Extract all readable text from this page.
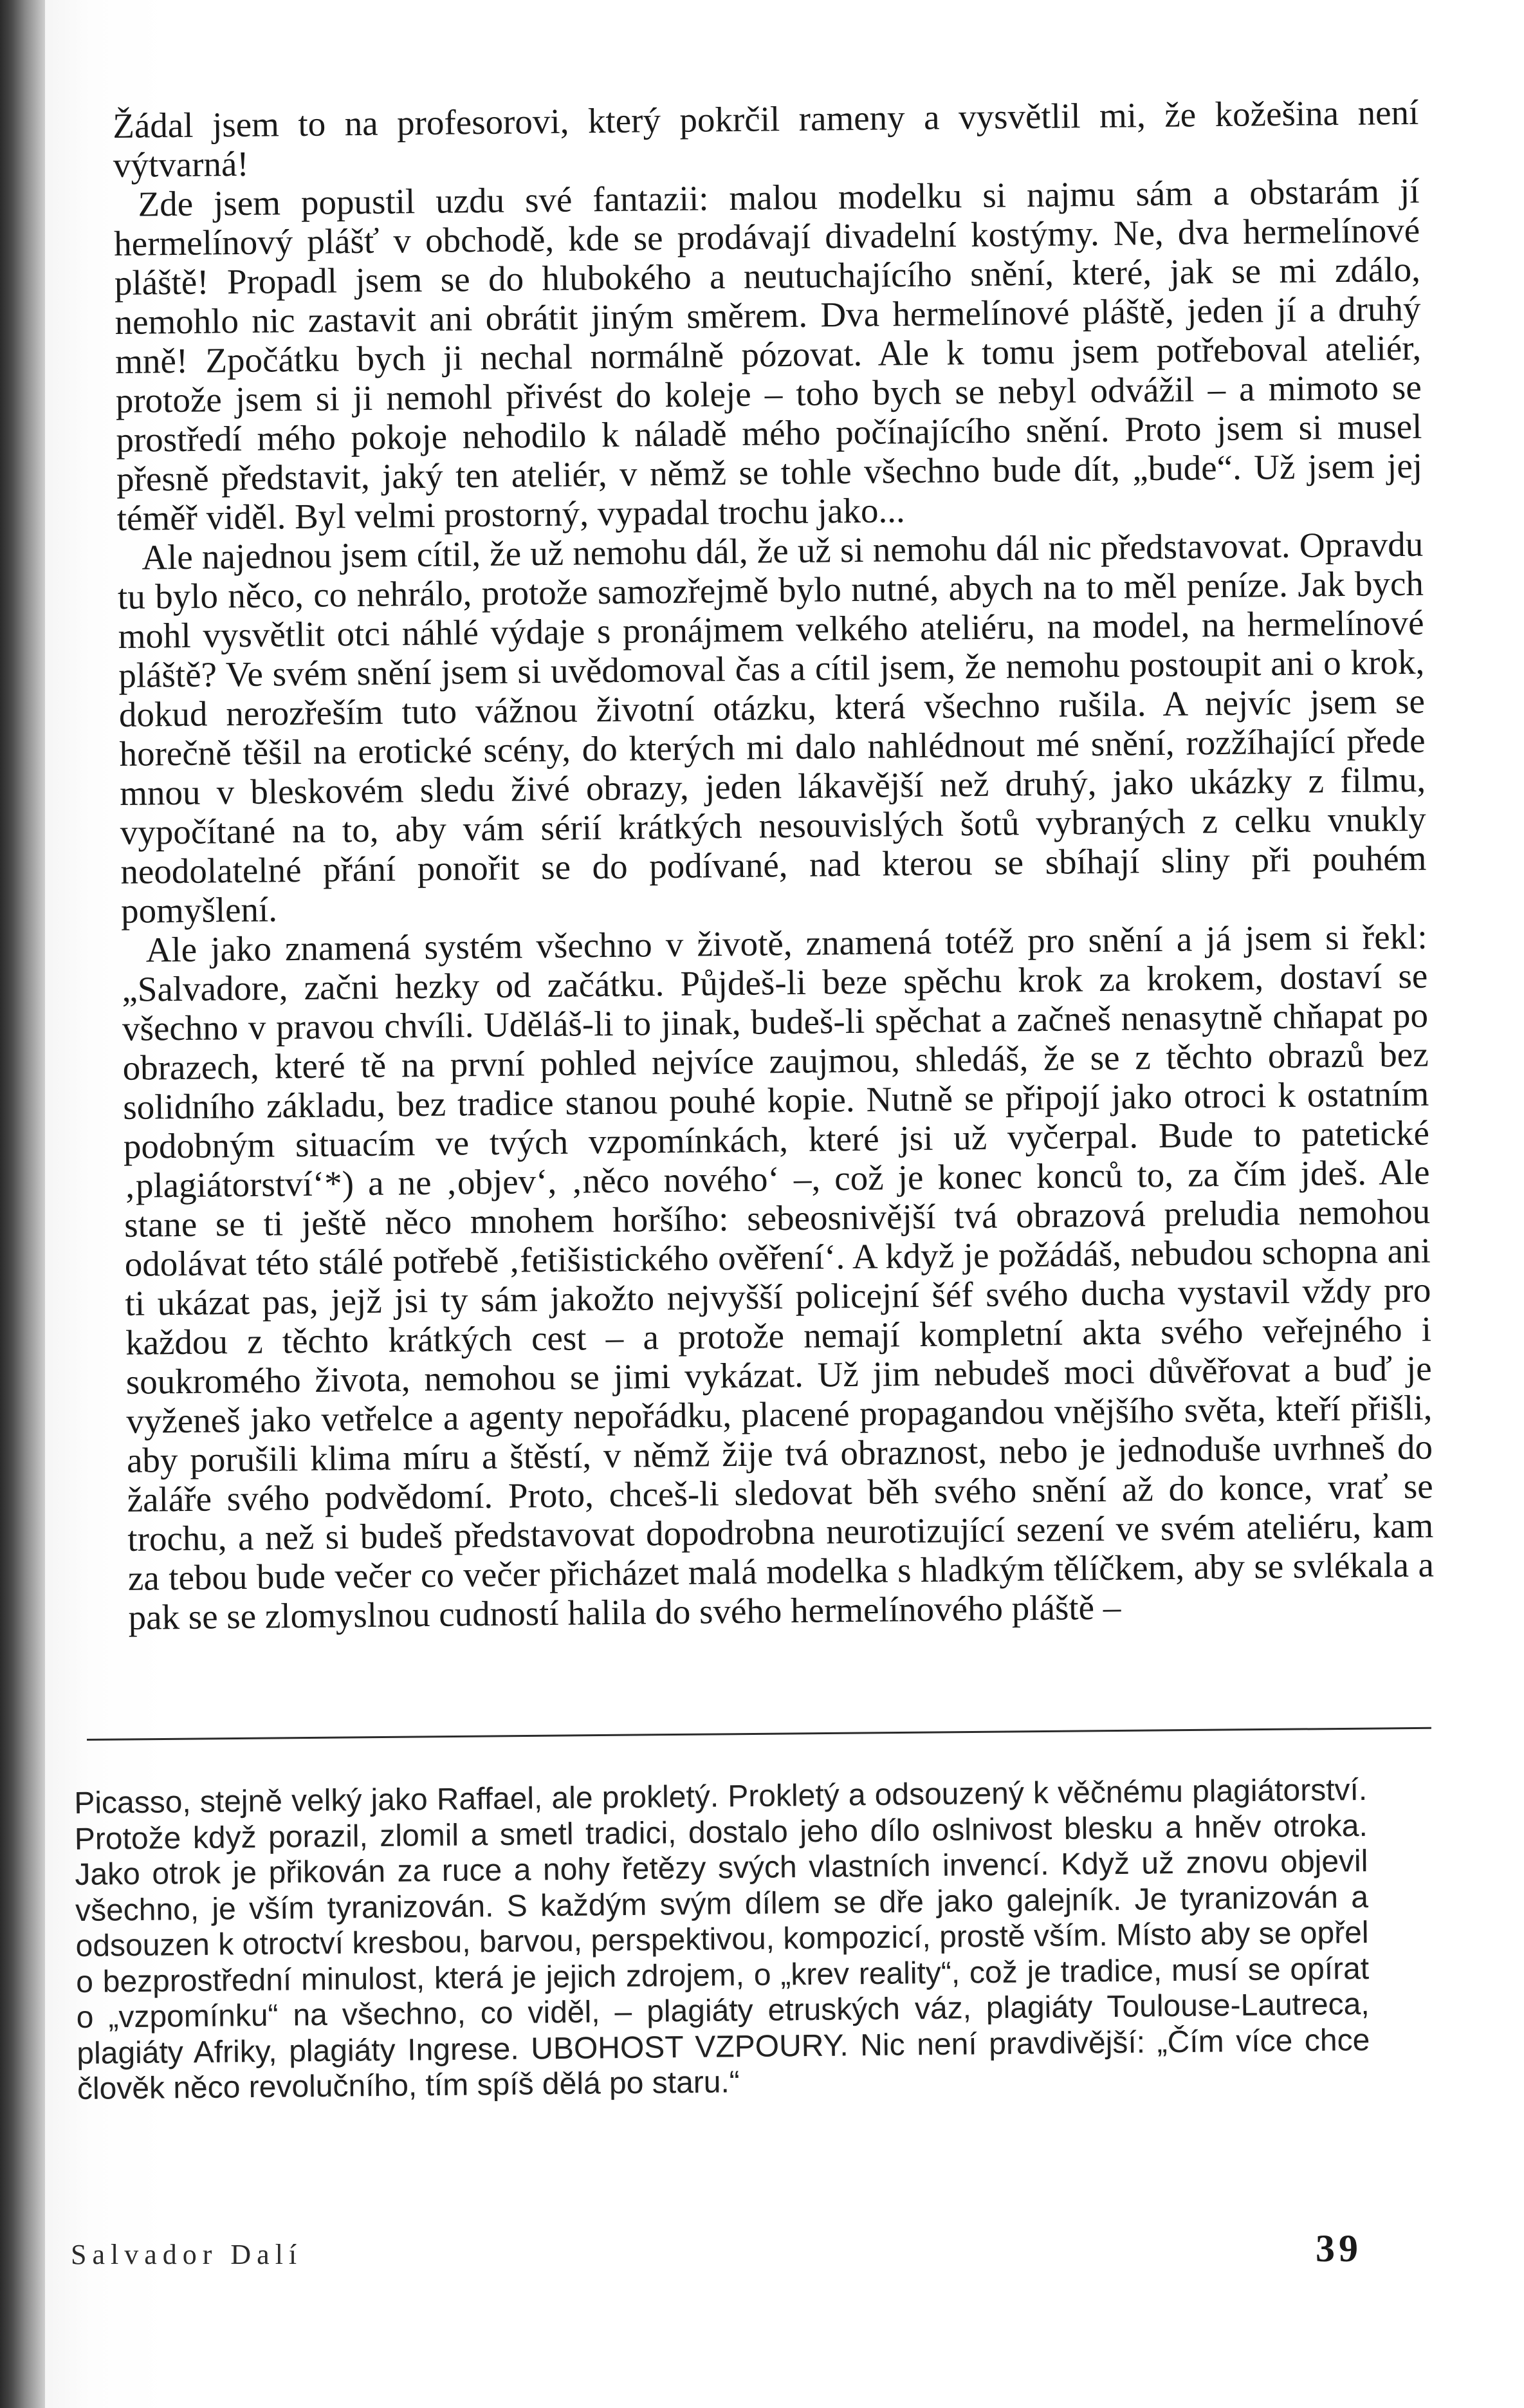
Žádal jsem to na profesorovi, který pokrčil rameny a vysvětlil mi, že kožešina není výtvarná!

Zde jsem popustil uzdu své fantazii: malou modelku si najmu sám a obstarám jí hermelínový plášť v obchodě, kde se prodávají divadelní kostýmy. Ne, dva hermelínové pláště! Propadl jsem se do hlubokého a neutuchajícího snění, které, jak se mi zdálo, nemohlo nic zastavit ani obrátit jiným směrem. Dva hermelínové pláště, jeden jí a druhý mně! Zpočátku bych ji nechal normálně pózovat. Ale k tomu jsem potřeboval ateliér, protože jsem si ji nemohl přivést do koleje – toho bych se nebyl odvážil – a mimoto se prostředí mého pokoje nehodilo k náladě mého počínajícího snění. Proto jsem si musel přesně představit, jaký ten ateliér, v němž se tohle všechno bude dít, „bude“. Už jsem jej téměř viděl. Byl velmi prostorný, vypadal trochu jako...

Ale najednou jsem cítil, že už nemohu dál, že už si nemohu dál nic představovat. Opravdu tu bylo něco, co nehrálo, protože samozřejmě bylo nutné, abych na to měl peníze. Jak bych mohl vysvětlit otci náhlé výdaje s pronájmem velkého ateliéru, na model, na hermelínové pláště? Ve svém snění jsem si uvědomoval čas a cítil jsem, že nemohu postoupit ani o krok, dokud nerozřeším tuto vážnou životní otázku, která všechno rušila. A nejvíc jsem se horečně těšil na erotické scény, do kterých mi dalo nahlédnout mé snění, rozžíhající přede mnou v bleskovém sledu živé obrazy, jeden lákavější než druhý, jako ukázky z filmu, vypočítané na to, aby vám sérií krátkých nesouvislých šotů vybraných z celku vnukly neodolatelné přání ponořit se do podívané, nad kterou se sbíhají sliny při pouhém pomyšlení.

Ale jako znamená systém všechno v životě, znamená totéž pro snění a já jsem si řekl: „Salvadore, začni hezky od začátku. Půjdeš-li beze spěchu krok za krokem, dostaví se všechno v pravou chvíli. Uděláš-li to jinak, budeš-li spěchat a začneš nenasytně chňapat po obrazech, které tě na první pohled nejvíce zaujmou, shledáš, že se z těchto obrazů bez solidního základu, bez tradice stanou pouhé kopie. Nutně se připojí jako otroci k ostatním podobným situacím ve tvých vzpomínkách, které jsi už vyčerpal. Bude to patetické ‚plagiátorství‘*) a ne ‚objev‘, ‚něco nového‘ –, což je konec konců to, za čím jdeš. Ale stane se ti ještě něco mnohem horšího: sebeosnivější tvá obrazová preludia nemohou odolávat této stálé potřebě ‚fetišistického ověření‘. A když je požádáš, nebudou schopna ani ti ukázat pas, jejž jsi ty sám jakožto nejvyšší policejní šéf svého ducha vystavil vždy pro každou z těchto krátkých cest – a protože nemají kompletní akta svého veřejného i soukromého života, nemohou se jimi vykázat. Už jim nebudeš moci důvěřovat a buď je vyženeš jako vetřelce a agenty nepořádku, placené propagandou vnějšího světa, kteří přišli, aby porušili klima míru a štěstí, v němž žije tvá obraznost, nebo je jednoduše uvrhneš do žaláře svého podvědomí. Proto, chceš-li sledovat běh svého snění až do konce, vrať se trochu, a než si budeš představovat dopodrobna neurotizující sezení ve svém ateliéru, kam za tebou bude večer co večer přicházet malá modelka s hladkým tělíčkem, aby se svlékala a pak se se zlomyslnou cudností halila do svého hermelínového pláště –

Picasso, stejně velký jako Raffael, ale prokletý. Prokletý a odsouzený k věčnému plagiátorství. Protože když porazil, zlomil a smetl tradici, dostalo jeho dílo oslnivost blesku a hněv otroka. Jako otrok je přikován za ruce a nohy řetězy svých vlastních invencí. Když už znovu objevil všechno, je vším tyranizován. S každým svým dílem se dře jako galejník. Je tyranizován a odsouzen k otroctví kresbou, barvou, perspektivou, kompozicí, prostě vším. Místo aby se opřel o bezprostřední minulost, která je jejich zdrojem, o „krev reality“, což je tradice, musí se opírat o „vzpomínku“ na všechno, co viděl, – plagiáty etruských váz, plagiáty Toulouse-Lautreca, plagiáty Afriky, plagiáty Ingrese. UBOHOST VZPOURY. Nic není pravdivější: „Čím více chce člověk něco revolučního, tím spíš dělá po staru.“

Salvador Dalí	39
